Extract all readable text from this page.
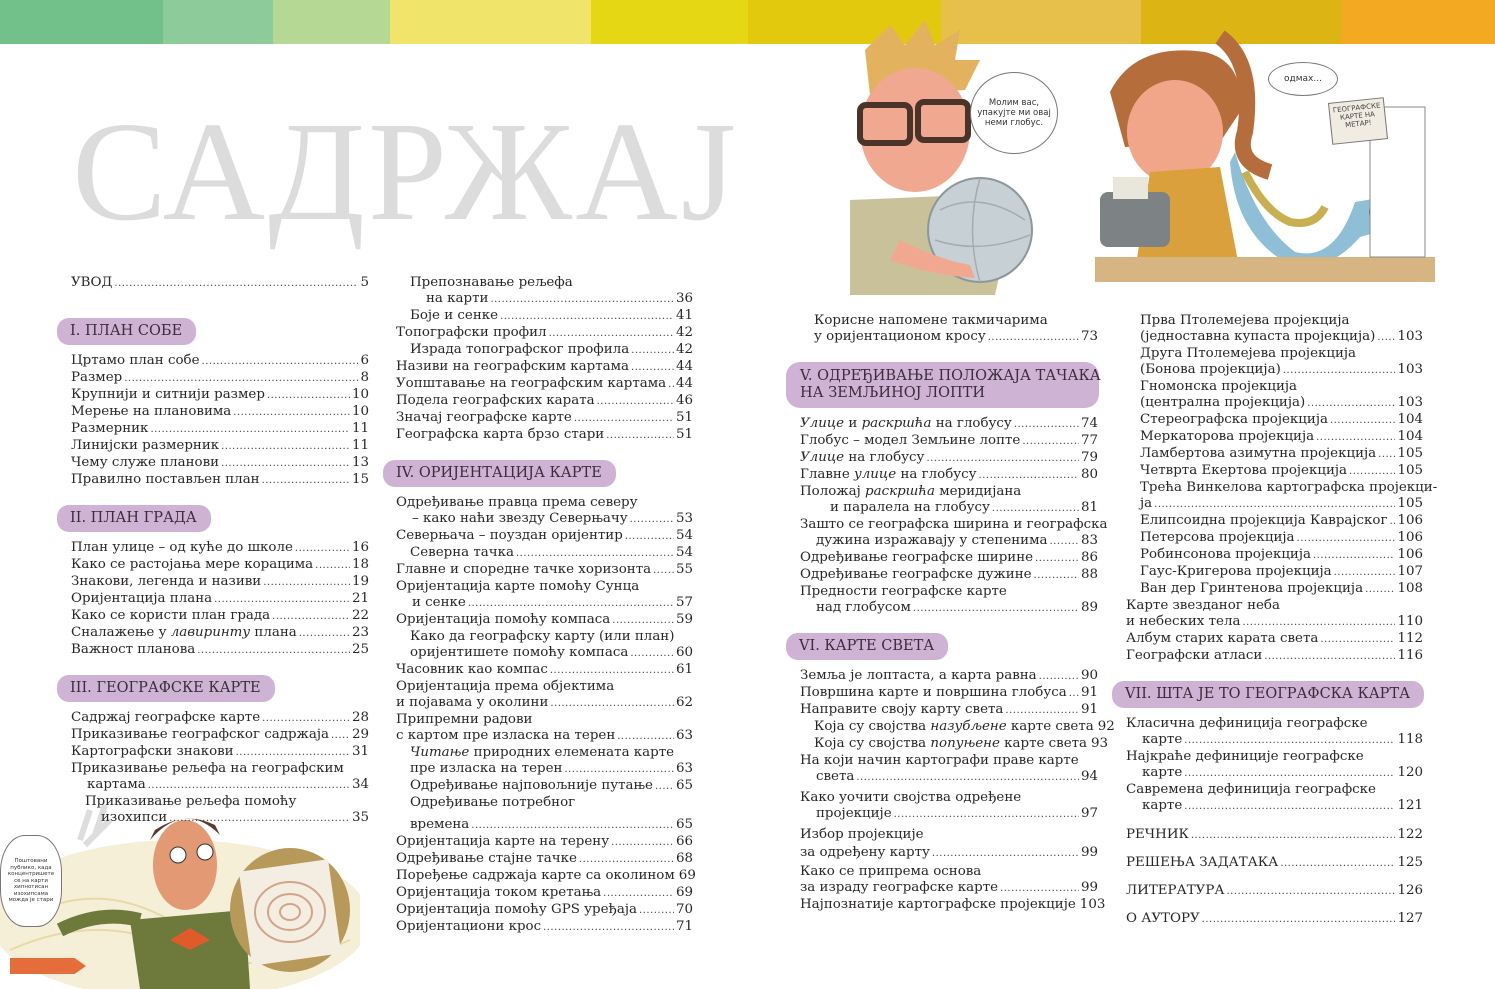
САДРЖАЈ	Молим вас, упакујте ми овај неми глобус.
одмах...
ГЕОГРАФСКЕ КАРТЕ НА МЕТАР!
Поштовани публико, када концентришете се на карти хипнотисан изохипсама можда је стари
УВОД .....	5
I. ПЛАН СОБЕ
Цртамо план собе .....	6
Размер .....	8
Крупнији и ситнији размер .....	10
Мерење на плановима .....	10
Размерник .....	11
Линијски размерник .....	11
Чему служе планови .....	13
Правилно постављен план .....	15
II. ПЛАН ГРАДА
План улице – од куће до школе .....	16
Како се растојања мере корацима .....	18
Знакови, легенда и називи .....	19
Оријентација плана .....	21
Како се користи план града .....	22
Сналажење у лавиринту плана .....	23
Важност планова .....	25
III. ГЕОГРАФСКЕ КАРТЕ
Садржај географске карте .....	28
Приказивање географског садржаја ..... 29
Картографски знакови .....	31
Приказивање рељефа на географским
картама .....	34
Приказивање рељефа помоћу
изохипси .....	35
Препознавање рељефа
на карти .....	36
Боје и сенке .....	41
Топографски профил .....	42
Израда топографског профила .....	42
Називи на географским картама .....	44
Уопштавање на географским картама ..... 44
Подела географских карата .....	46
Значај географске карте .....	51
Географска карта брзо стари .....	51
IV. ОРИЈЕНТАЦИЈА КАРТЕ
Одређивање правца према северу
– како наћи звезду Северњачу .....	53
Северњача – поуздан оријентир .....	54
Северна тачка .....	54
Главне и споредне тачке хоризонта ..... 55
Оријентација карте помоћу Сунца
и сенке .....	57
Оријентација помоћу компаса .....	59
Како да географску карту (или план)
оријентишете помоћу компаса .....	60
Часовник као компас .....	61
Оријентација према објектима
и појавама у околини .....	62
Припремни радови
с картом пре изласка на терен .....	63
Читање природних елемената карте
пре изласка на терен .....	63
Одређивање најповољније путање ..... 65
Одређивање потребног
времена .....	65
Оријентација карте на терену .....	66
Одређивање стајне тачке .....	68
Поређење садржаја карте са околином 69
Оријентација током кретања .....	69
Оријентација помоћу GPS уређаја .....	70
Оријентациони крос .....	71
Корисне напомене такмичарима
у оријентационом кросу .....	73
V. ОДРЕЂИВАЊЕ ПОЛОЖАЈА ТАЧАКА
НА ЗЕМЉИНОЈ ЛОПТИ
Улице и раскршћа на глобусу .....	74
Глобус – модел Земљине лопте .....	77
Улице на глобусу .....	79
Главне улице на глобусу .....	80
Положај раскршћа меридијана
и паралела на глобусу .....	81
Зашто се географска ширина и географска
дужина изражавају у степенима ..... 83
Одређивање географске ширине .....	86
Одређивање географске дужине .....	88
Предности географске карте
над глобусом .....	89
VI. КАРТЕ СВЕТА
Земља је лоптаста, а карта равна .....	90
Површина карте и површина глобуса ..... 91
Направите своју карту света .....	91
Која су својства назубљене карте света 92
Која су својства попуњене карте света 93
На који начин картографи праве карте
света .....	94
Како уочити својства одређене
пројекције .....	97
Избор пројекције
за одређену карту .....	99
Како се припрема основа
за израду географске карте .....	99
Најпознатије картографске пројекције 103
Прва Птолемејева пројекција
(једноставна купаста пројекција) ..... 103
Друга Птолемејева пројекција
(Бонова пројекција) .....	103
Гномонска пројекција
(централна пројекција) .....	103
Стереографска пројекција .....	104
Меркаторова пројекција .....	104
Ламбертова азимутна пројекција ..... 105
Четврта Екертова пројекција .....	105
Трећа Винкелова картографска пројекци-
ја .....	105
Елипсоидна пројекција Каврајског ..... 106
Петерсова пројекција .....	106
Робинсонова пројекција .....	106
Гаус-Кригерова пројекција .....	107
Ван дер Гринтенова пројекција .....	108
Карте звезданог неба
и небеских тела .....	110
Албум старих карата света .....	112
Географски атласи .....	116
VII. ШТА ЈЕ ТО ГЕОГРАФСКА КАРТА
Класична дефиниција географске
карте .....	118
Најкраће дефиниције географске
карте .....	120
Савремена дефиниција географске
карте .....	121
РЕЧНИК .....	122
РЕШЕЊА ЗАДАТАКА .....	125
ЛИТЕРАТУРА .....	126
О АУТОРУ .....	127
